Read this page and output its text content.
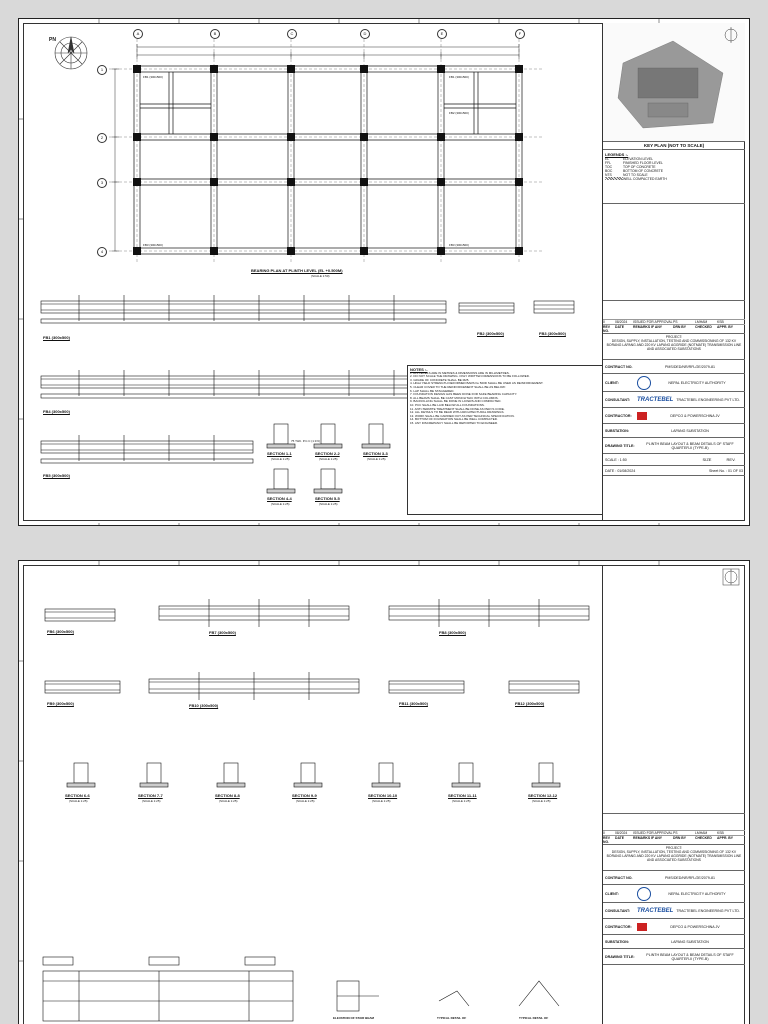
A	B	C	D	E	F
1
2
3
4
PN
FB1 (300x500)	FB1 (300x500)
FB3 (300x500)	FB3 (300x500)
FB2 (300x500)
BEARING PLAN AT PLINTH LEVEL (EL +0.500M)
(SCALE 1:50)
FB1 (300x500)
FB2 (300x500)	FB3 (300x500)
FB4 (300x500)
FB5 (300x500)
SECTION 1-1
(SCALE 1:25)
SECTION 2-2
(SCALE 1:25)
SECTION 3-3
(SCALE 1:25)
SECTION 4-4
(SCALE 1:25)
SECTION 5-5
(SCALE 1:25)
75 THK. P.C.C (1:3:6)
NOTES :-
1. ALL LEVELS ARE IN METRES & DIMENSIONS ARE IN MILLIMETRES.
2. DO NOT SCALE THE DRAWING. ONLY WRITTEN DIMENSIONS TO BE FOLLOWED.
3. GRADE OF CONCRETE SHALL BE M25.
4. HIGH YIELD STRENGTH DEFORMED BARS Fe 500D SHALL BE USED AS REINFORCEMENT.
5. CLEAR COVER TO THE REINFORCEMENT SHALL BE AS BELOW:
6. LAP SHALL BE STAGGERED.
7. FOUNDATION DESIGN HAS BEEN DONE FOR SAFE BEARING CAPACITY.
8. ALL BEAMS SHALL BE CAST MONOLITHIC WITH COLUMNS.
9. BACKFILLING SHALL BE DONE IN LAYERS AND COMPACTED.
10. PCC SHALL BE LAID BELOW ALL FOUNDATIONS.
11. ANTI-TERMITE TREATMENT SHALL BE DONE AS PER IS CODE.
12. ALL DETAILS TO BE READ WITH ARCHITECTURAL DRAWINGS.
13. WORK SHALL BE CARRIED OUT AS PER TECHNICAL SPECIFICATION.
14. BOTTOM OF FOUNDATION SHALL BE WELL COMPACTED.
15. ANY DISCREPANCY SHALL BE REPORTED TO ENGINEER.
KEY PLAN (NOT TO SCALE)
LEGENDS :-
EL	ELEVATION LEVEL
FFL	FINISHED FLOOR LEVEL
TOC	TOP OF CONCRETE
BOC	BOTTOM OF CONCRETE
NTS	NOT TO SCALE
WELL COMPACTED EARTH
0	08/2024	ISSUED FOR APPROVAL PS	LMHAM	KSB
REV NO.
DATE	REMARKS IF ANY	DRN BY	CHECKED	APPR. BY
PROJECT:
DESIGN, SUPPLY, INSTALLATION, TESTING AND COMMISSIONING OF 132 KV BORANG LAPANG AND 220 KV LAPANG AGGRIDE (NOTMATE) TRANSMISSION LINE AND ASSOCIATED SUBSTATIONS
CONTRACT NO.	PMS/DED/NR/RFL/2E/2079-81
CLIENT:	NEPAL ELECTRICITY AUTHORITY
CONSULTANT:	TRACTEBEL TRACTEBEL ENGINEERING PVT LTD.
CONTRACTOR:	DEPCO & POWERSCHINA JV
SUBSTATION:	LAPANG SUBSTATION
DRAWING TITLE:	PLINTH BEAM LAYOUT & BEAM DETAILS OF STAFF QUARTER-II (TYPE-B)
SCALE : 1:50	SIZE	REV.
DATE : 01/08/2024	Sheet No. : 01 OF 03
FB6 (300x500)	FB7 (300x500)	FB8 (300x500)
FB9 (300x500)	FB10 (300x500)	FB11 (300x500)	FB12 (300x500)
SECTION 6-6
(SCALE 1:25)
SECTION 7-7
(SCALE 1:25)
SECTION 8-8
(SCALE 1:25)
SECTION 9-9
(SCALE 1:25)
SECTION 10-10
(SCALE 1:25)
SECTION 11-11
(SCALE 1:25)
SECTION 12-12
(SCALE 1:25)
ELEVATION OF STAIR BEAM	TYPICAL DETAIL OF	TYPICAL DETAIL OF
0	08/2024	ISSUED FOR APPROVAL PS	LMHAM	KSB
REV NO.
DATE	REMARKS IF ANY	DRN BY	CHECKED	APPR. BY
PROJECT:
DESIGN, SUPPLY, INSTALLATION, TESTING AND COMMISSIONING OF 132 KV BORANG LAPANG AND 220 KV LAPANG AGGRIDE (NOTMATE) TRANSMISSION LINE AND ASSOCIATED SUBSTATIONS
CONTRACT NO.	PMS/DED/NR/RFL/2E/2079-81
CLIENT:	NEPAL ELECTRICITY AUTHORITY
CONSULTANT:	TRACTEBEL TRACTEBEL ENGINEERING PVT LTD.
CONTRACTOR:	DEPCO & POWERSCHINA JV
SUBSTATION:	LAPANG SUBSTATION
DRAWING TITLE:	PLINTH BEAM LAYOUT & BEAM DETAILS OF STAFF QUARTER-II (TYPE-B)
